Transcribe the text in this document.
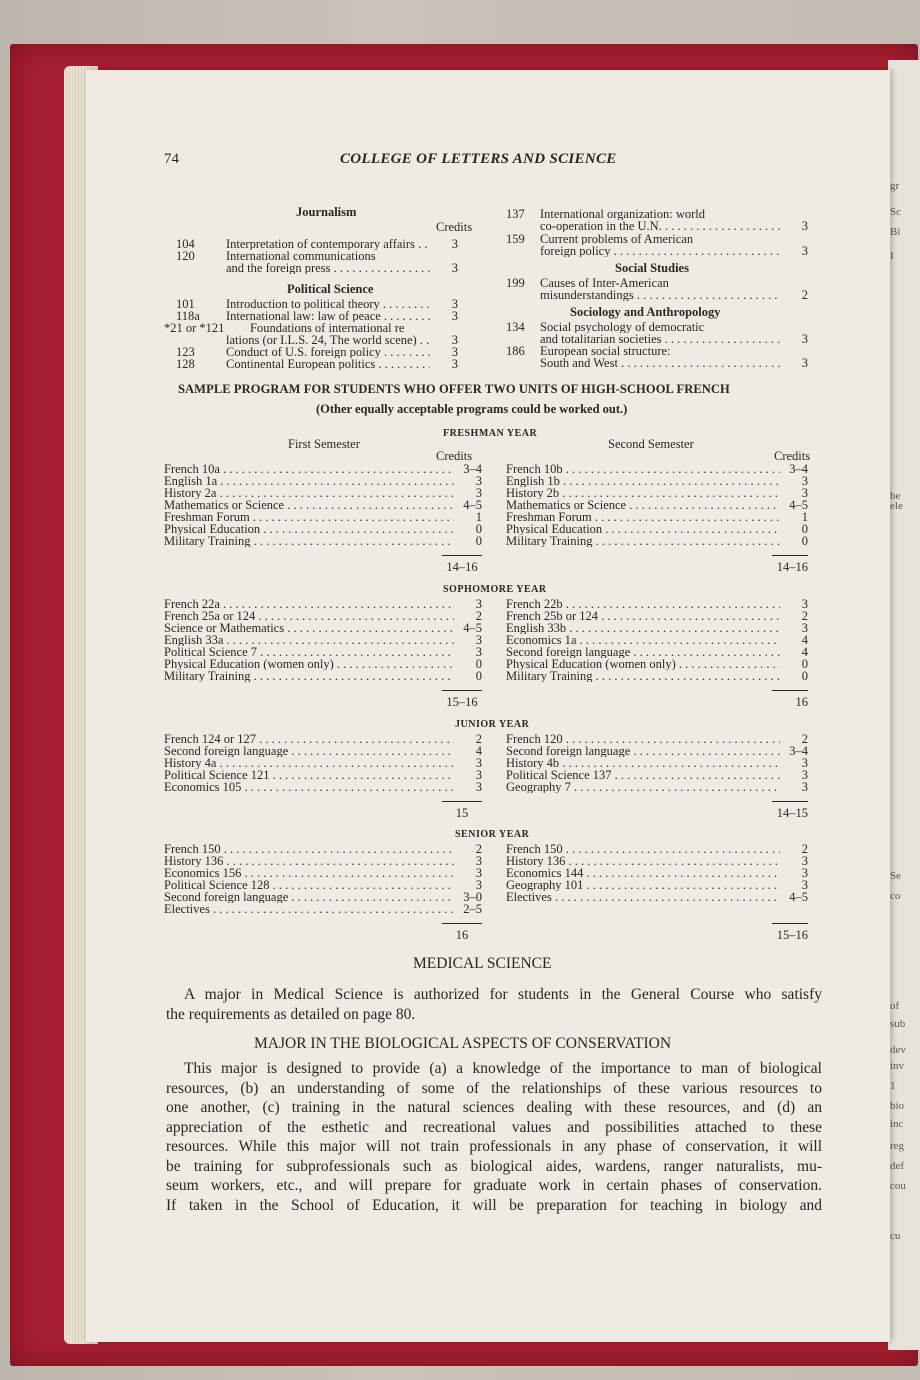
gr
Sc
Bi
I
be
ele
Se
co
of
sub
dev
inv
1
bio
inc
reg
def
cou
cu
74	COLLEGE OF LETTERS AND SCIENCE
Journalism
Credits
104	Interpretation of contemporary affairs . . .	3
120	International communications
and the foreign press . . .	3
Political Science
101	Introduction to political theory . . .	3
118a	International law: law of peace . . .	3
*21 or *121	Foundations of international re
lations (or I.L.S. 24, The world scene) . . .	3
123	Conduct of U.S. foreign policy . . .	3
128	Continental European politics . . .	3
137	International organization: world
co-operation in the U.N. . . .	3
159	Current problems of American
foreign policy . . .	3
Social Studies
199	Causes of Inter-American
misunderstandings . . .	2
Sociology and Anthropology
134	Social psychology of democratic
and totalitarian societies . . .	3
186	European social structure:
South and West . . .	3
SAMPLE PROGRAM FOR STUDENTS WHO OFFER TWO UNITS OF HIGH-SCHOOL FRENCH
(Other equally acceptable programs could be worked out.)
First Semester	Second Semester
Credits	Credits
FRESHMAN YEAR
French 10a . . .	3–4
English 1a . . .	3
History 2a . . .	3
Mathematics or Science . . .	4–5
Freshman Forum . . .	1
Physical Education . . .	0
Military Training . . .	0
14–16
French 10b . . .	3–4
English 1b . . .	3
History 2b . . .	3
Mathematics or Science . . .	4–5
Freshman Forum . . .	1
Physical Education . . .	0
Military Training . . .	0
14–16
SOPHOMORE YEAR
French 22a . . .	3
French 25a or 124 . . .	2
Science or Mathematics . . .	4–5
English 33a . . .	3
Political Science 7 . . .	3
Physical Education (women only) . . .	0
Military Training . . .	0
15–16
French 22b . . .	3
French 25b or 124 . . .	2
English 33b . . .	3
Economics 1a . . .	4
Second foreign language . . .	4
Physical Education (women only) . . .	0
Military Training . . .	0
16
JUNIOR YEAR
French 124 or 127 . . .	2
Second foreign language . . .	4
History 4a . . .	3
Political Science 121 . . .	3
Economics 105 . . .	3
15
French 120 . . .	2
Second foreign language . . .	3–4
History 4b . . .	3
Political Science 137 . . .	3
Geography 7 . . .	3
14–15
SENIOR YEAR
French 150 . . .	2
History 136 . . .	3
Economics 156 . . .	3
Political Science 128 . . .	3
Second foreign language . . .	3–0
Electives . . .	2–5
16
French 150 . . .	2
History 136 . . .	3
Economics 144 . . .	3
Geography 101 . . .	3
Electives . . .	4–5
15–16
MEDICAL SCIENCE
A major in Medical Science is authorized for students in the General Course who satisfy
the requirements as detailed on page 80.
MAJOR IN THE BIOLOGICAL ASPECTS OF CONSERVATION
This major is designed to provide (a) a knowledge of the importance to man of biological
resources, (b) an understanding of some of the relationships of these various resources to
one another, (c) training in the natural sciences dealing with these resources, and (d) an
appreciation of the esthetic and recreational values and possibilities attached to these
resources. While this major will not train professionals in any phase of conservation, it will
be training for subprofessionals such as biological aides, wardens, ranger naturalists, mu-
seum workers, etc., and will prepare for graduate work in certain phases of conservation.
If taken in the School of Education, it will be preparation for teaching in biology and
